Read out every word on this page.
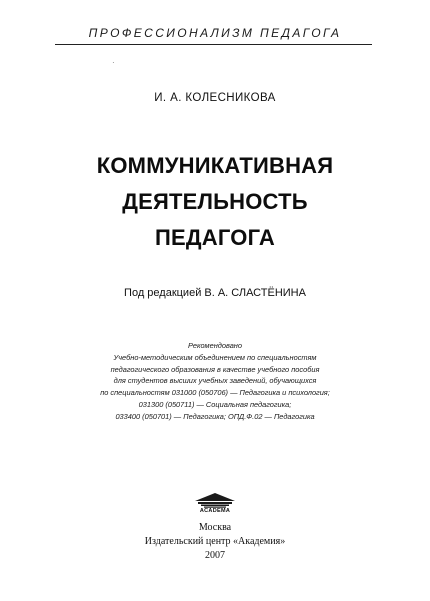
ПРОФЕССИОНАЛИЗМ ПЕДАГОГА
·
И. А. КОЛЕСНИКОВА
КОММУНИКАТИВНАЯ
ДЕЯТЕЛЬНОСТЬ
ПЕДАГОГА
Под редакцией В. А. СЛАСТЁНИНА
Рекомендовано
Учебно-методическим объединением по специальностям
педагогического образования в качестве учебного пособия
для студентов высших учебных заведений, обучающихся
по специальностям 031000 (050706) — Педагогика и психология;
031300 (050711) — Социальная педагогика;
033400 (050701) — Педагогика; ОПД.Ф.02 — Педагогика
ACADEMA
Москва
Издательский центр «Академия»
2007
